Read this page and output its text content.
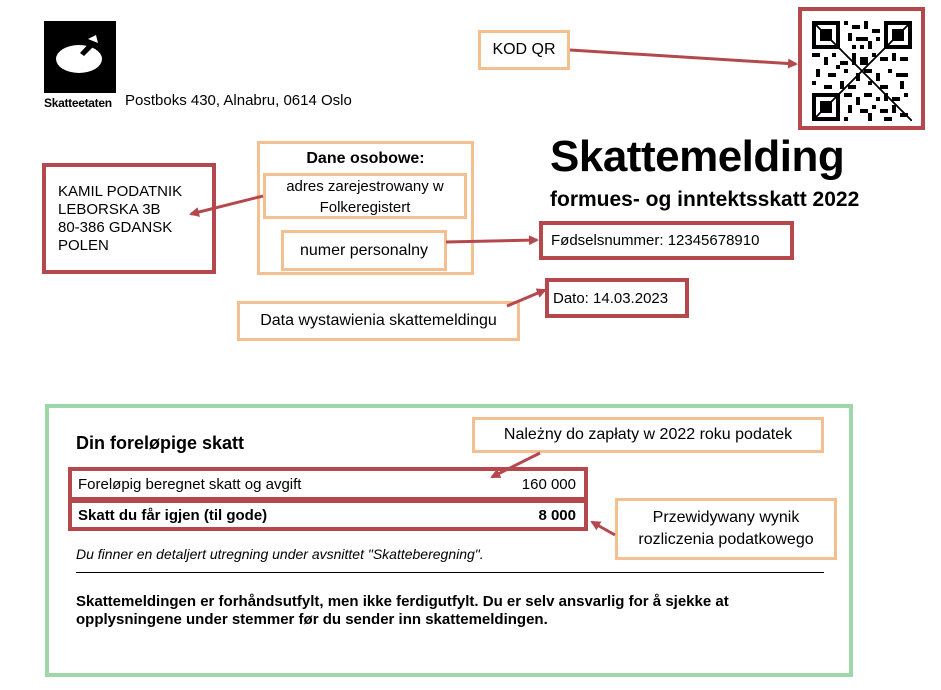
Skatteetaten Postboks 430, Alnabru, 0614 Oslo
KOD QR
Skattemelding
formues- og inntektsskatt 2022
Dane osobowe:
adres zarejestrowany w Folkeregistert
numer personalny
KAMIL PODATNIK
LEBORSKA 3B
80-386 GDANSK
POLEN	Fødselsnummer: 12345678910
Dato: 14.03.2023
Data wystawienia skattemeldingu
Din foreløpige skatt	Należny do zapłaty w 2022 roku podatek
Foreløpig beregnet skatt og avgift	160 000
Skatt du får igjen (til gode)	8 000	Przewidywany wynik rozliczenia podatkowego
Du finner en detaljert utregning under avsnittet "Skatteberegning".
Skattemeldingen er forhåndsutfylt, men ikke ferdigutfylt. Du er selv ansvarlig for å sjekke at opplysningene under stemmer før du sender inn skattemeldingen.
